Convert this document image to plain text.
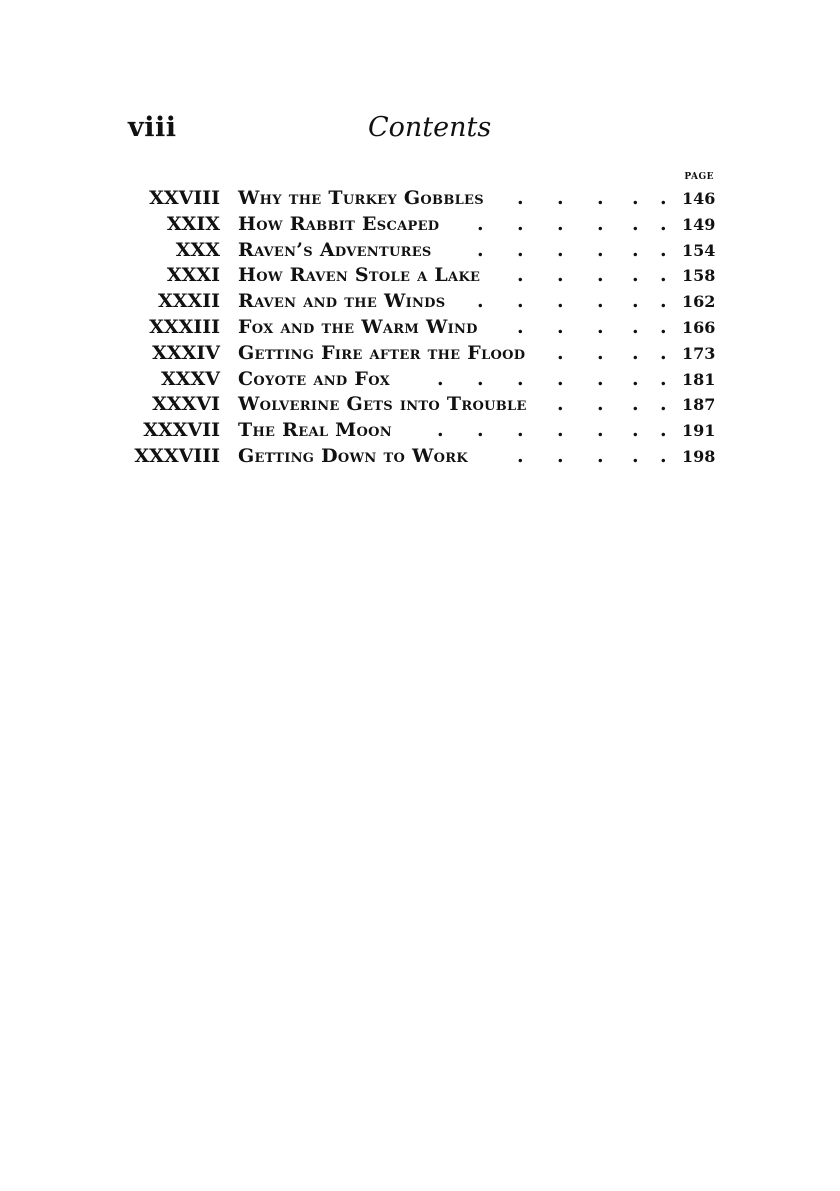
viii	Contents
PAGE
XXVIII Why the Turkey Gobbles . . . . . 146
XXIX How Rabbit Escaped . . . . . . 149
XXX Raven’s Adventures . . . . . . 154
XXXI How Raven Stole a Lake . . . . . 158
XXXII Raven and the Winds . . . . . . 162
XXXIII Fox and the Warm Wind . . . . . 166
XXXIV Getting Fire after the Flood . . . . 173
XXXV Coyote and Fox . . . . . . . 181
XXXVI Wolverine Gets into Trouble . . . . 187
XXXVII The Real Moon . . . . . . . 191
XXXVIII Getting Down to Work	. . . . . 198
